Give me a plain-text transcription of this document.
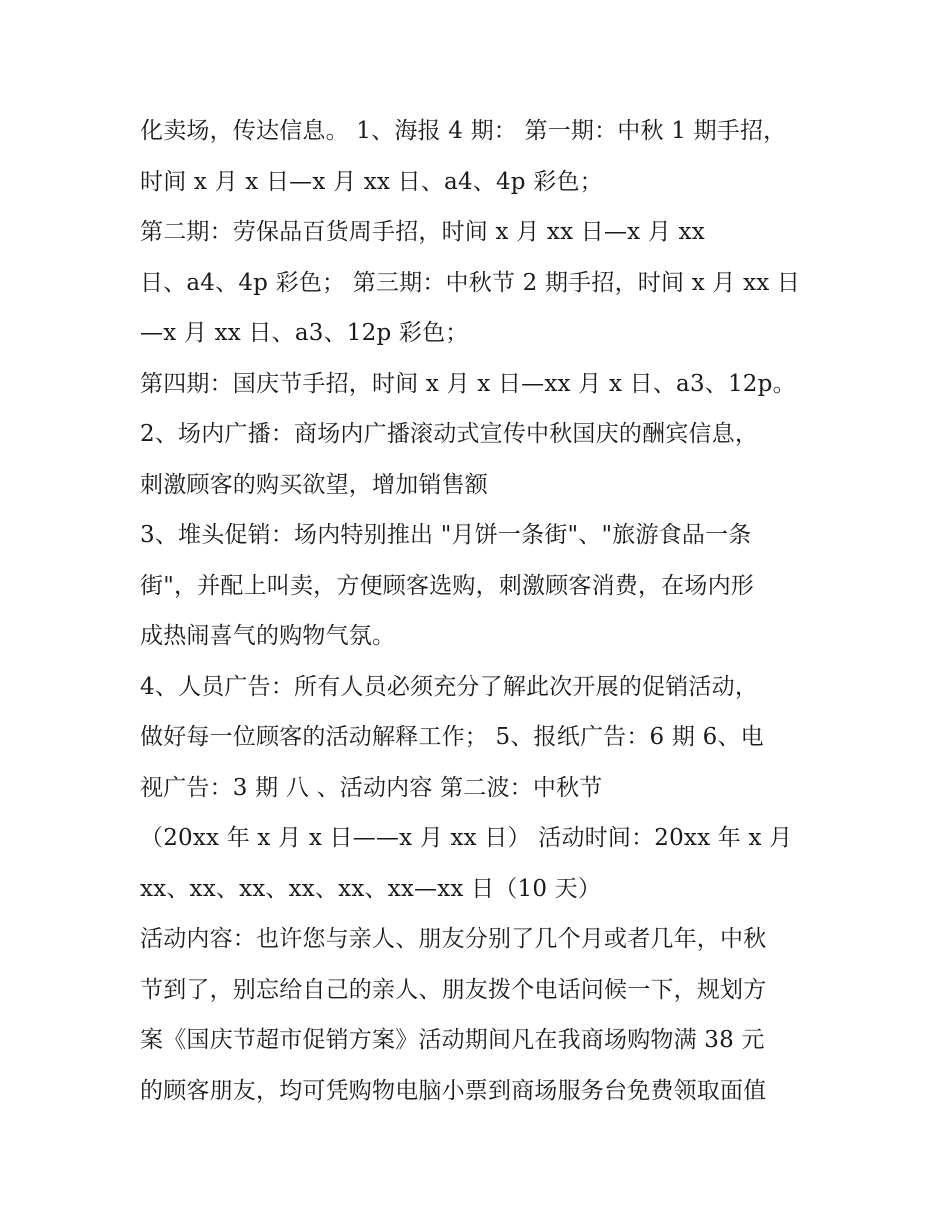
化卖场，传达信息。 1、海报 4 期： 第一期：中秋 1 期手招，
时间 x 月 x 日—x 月 xx 日、a4、4p 彩色；
第二期：劳保品百货周手招，时间 x 月 xx 日—x 月 xx
日、a4、4p 彩色； 第三期：中秋节 2 期手招，时间 x 月 xx 日
—x 月 xx 日、a3、12p 彩色；
第四期：国庆节手招，时间 x 月 x 日—xx 月 x 日、a3、12p。
2、场内广播：商场内广播滚动式宣传中秋国庆的酬宾信息，
刺激顾客的购买欲望，增加销售额
3、堆头促销：场内特别推出 "月饼一条街"、"旅游食品一条
街"，并配上叫卖，方便顾客选购，刺激顾客消费，在场内形
成热闹喜气的购物气氛。
4、人员广告：所有人员必须充分了解此次开展的促销活动，
做好每一位顾客的活动解释工作； 5、报纸广告：6 期 6、电
视广告：3 期 八 、活动内容 第二波：中秋节
（20xx 年 x 月 x 日——x 月 xx 日） 活动时间：20xx 年 x 月
xx、xx、xx、xx、xx、xx—xx 日（10 天）
活动内容：也许您与亲人、朋友分别了几个月或者几年，中秋
节到了，别忘给自己的亲人、朋友拨个电话问候一下，规划方
案《国庆节超市促销方案》活动期间凡在我商场购物满 38 元
的顾客朋友，均可凭购物电脑小票到商场服务台免费领取面值
